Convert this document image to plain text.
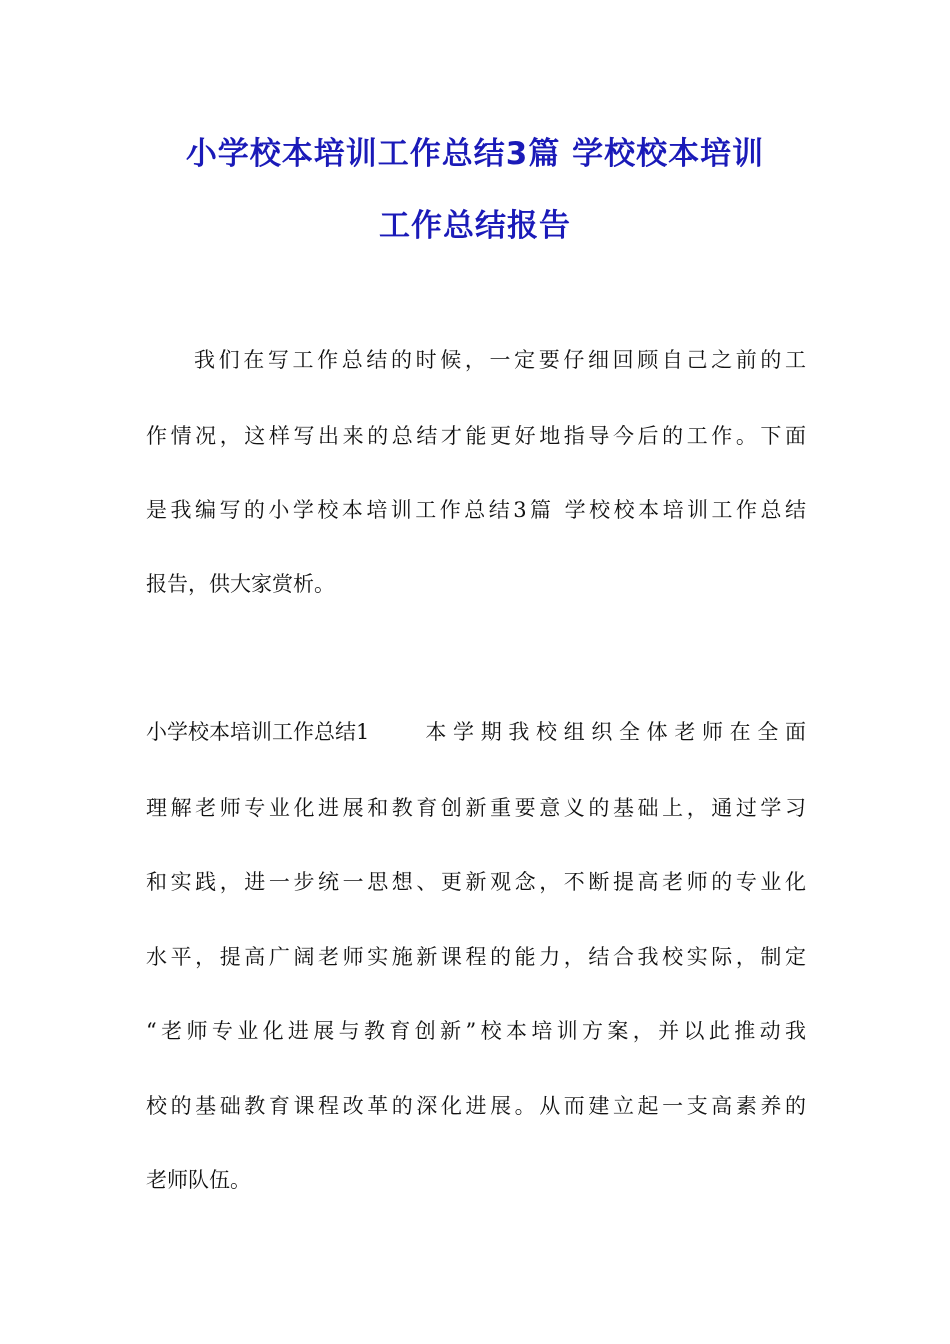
小学校本培训工作总结3篇 学校校本培训
工作总结报告
我们在写工作总结的时候，一定要仔细回顾自己之前的工
作情况，这样写出来的总结才能更好地指导今后的工作。下面
是我编写的小学校本培训工作总结3篇 学校校本培训工作总结
报告，供大家赏析。
小学校本培训工作总结1	本学期我校组织全体老师在全面
理解老师专业化进展和教育创新重要意义的基础上，通过学习
和实践，进一步统一思想、更新观念，不断提高老师的专业化
水平，提高广阔老师实施新课程的能力，结合我校实际，制定
“老师专业化进展与教育创新”校本培训方案，并以此推动我
校的基础教育课程改革的深化进展。从而建立起一支高素养的
老师队伍。
